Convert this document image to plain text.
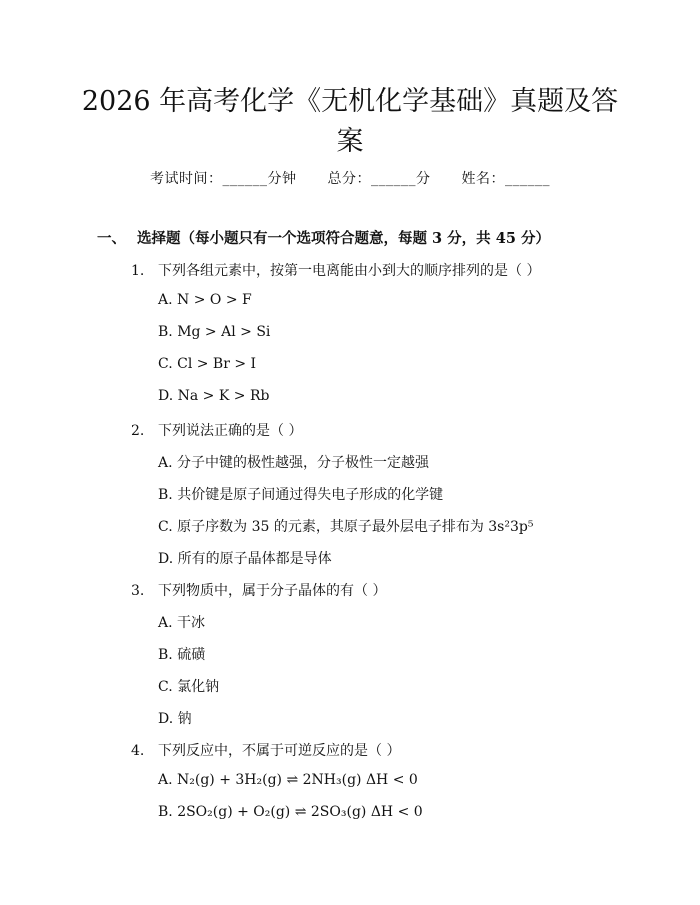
2026 年高考化学《无机化学基础》真题及答案
考试时间：______分钟 总分：______分 姓名：______
一、 选择题（每小题只有一个选项符合题意，每题 3 分，共 45 分）
1. 下列各组元素中，按第一电离能由小到大的顺序排列的是（ ）
A. N > O > F
B. Mg > Al > Si
C. Cl > Br > I
D. Na > K > Rb
2. 下列说法正确的是（ ）
A. 分子中键的极性越强，分子极性一定越强
B. 共价键是原子间通过得失电子形成的化学键
C. 原子序数为 35 的元素，其原子最外层电子排布为 3s²3p⁵
D. 所有的原子晶体都是导体
3. 下列物质中，属于分子晶体的有（ ）
A. 干冰
B. 硫磺
C. 氯化钠
D. 钠
4. 下列反应中，不属于可逆反应的是（ ）
A. N₂(g) + 3H₂(g) ⇌ 2NH₃(g) ΔH < 0
B. 2SO₂(g) + O₂(g) ⇌ 2SO₃(g) ΔH < 0
